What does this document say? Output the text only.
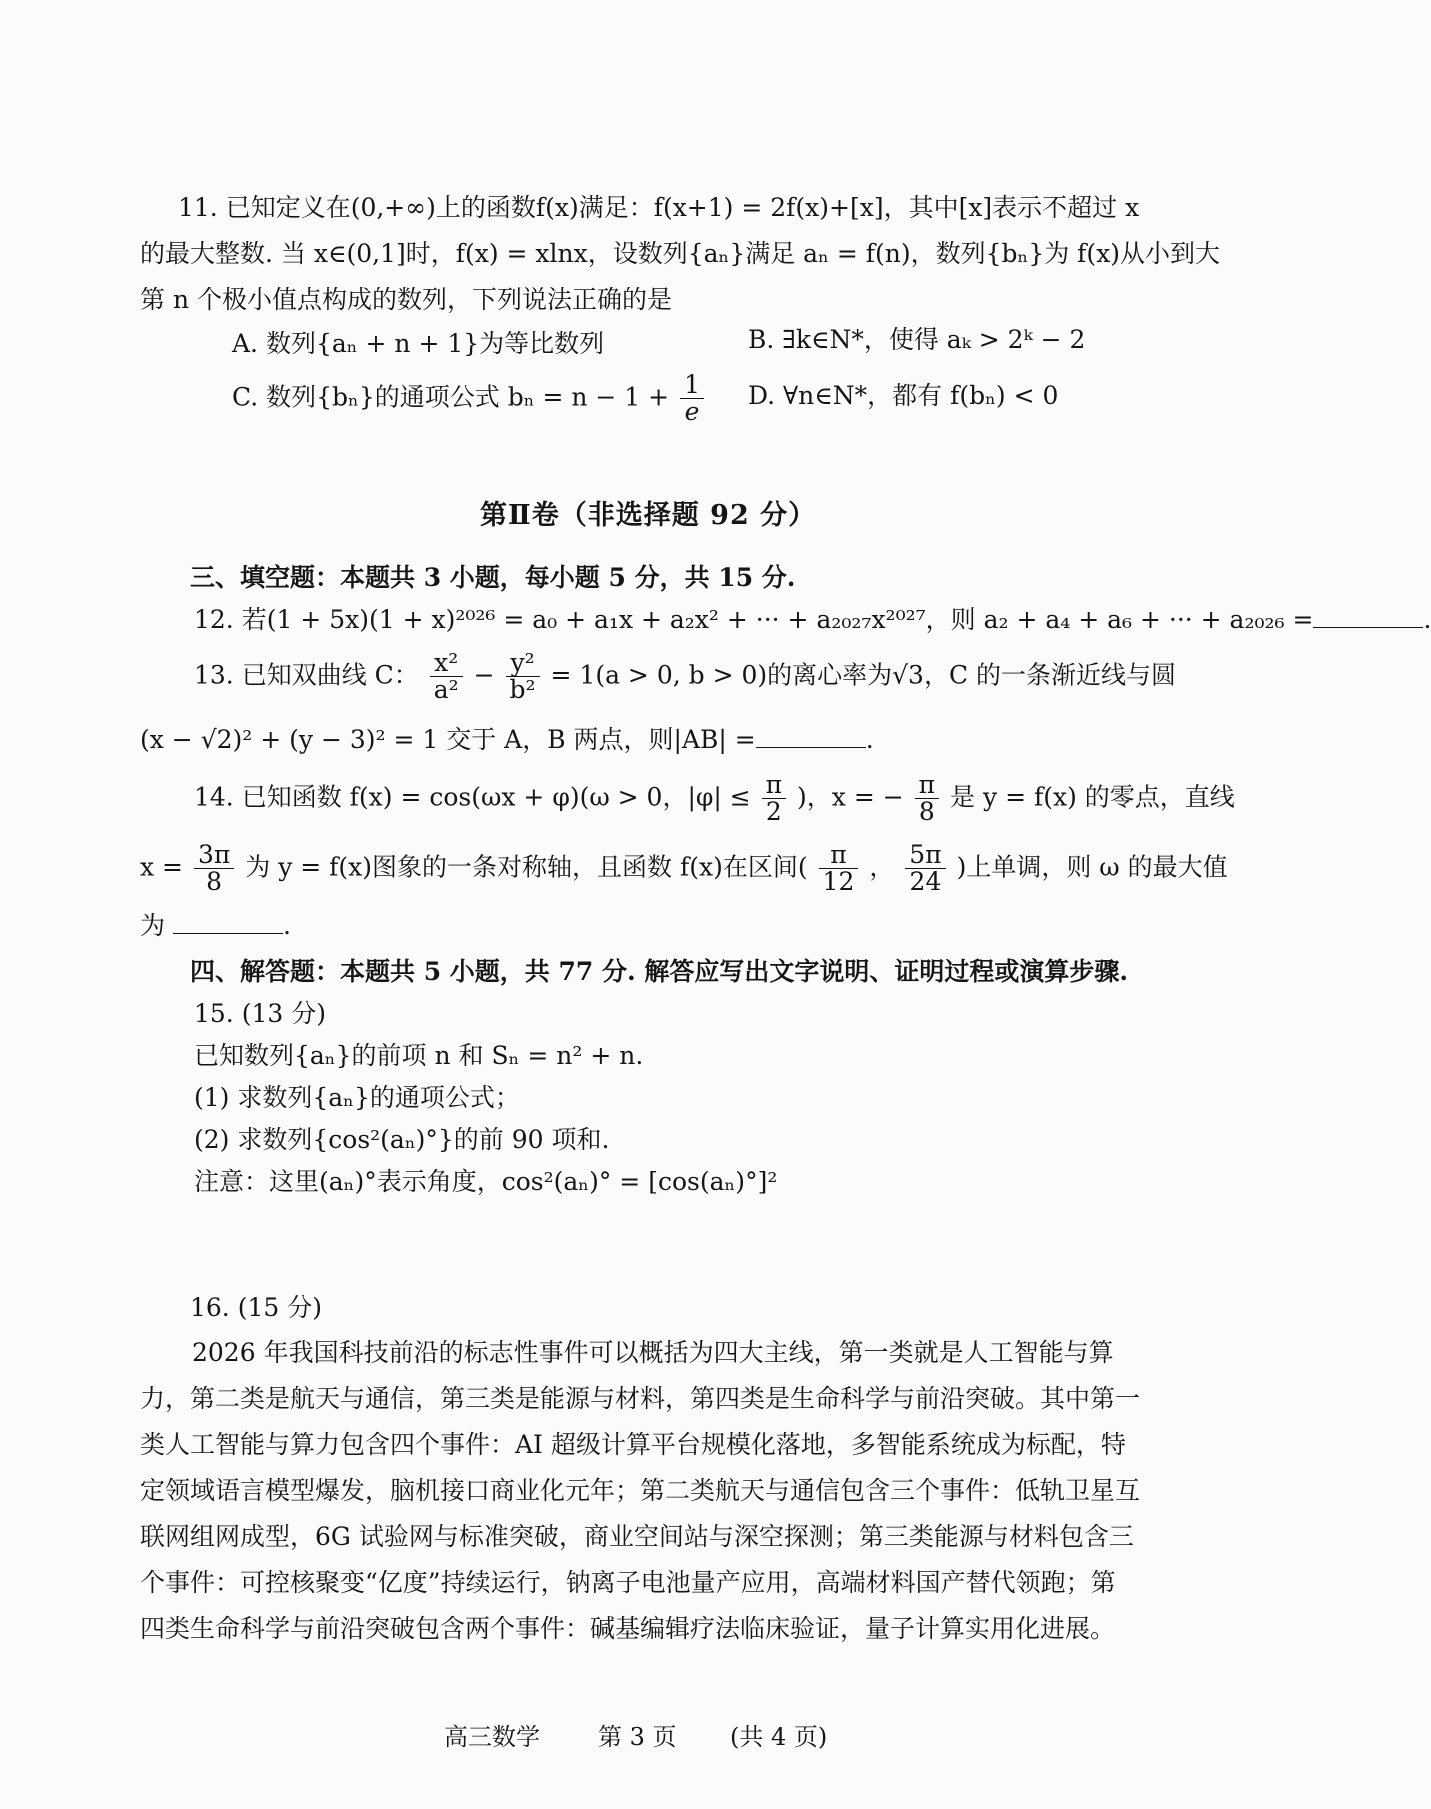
11. 已知定义在(0,+∞)上的函数f(x)满足：f(x+1) = 2f(x)+[x]，其中[x]表示不超过 x
的最大整数. 当 x∈(0,1]时，f(x) = xlnx，设数列{aₙ}满足 aₙ = f(n)，数列{bₙ}为 f(x)从小到大
第 n 个极小值点构成的数列，下列说法正确的是
A. 数列{aₙ + n + 1}为等比数列	B. ∃k∈N*，使得 aₖ > 2ᵏ − 2
C. 数列{bₙ}的通项公式 $b_n = n - 1 + \frac{1}{e} D$. ∀n∈N*，都有 f(bₙ) < 0
第Ⅱ卷（非选择题 92 分）
三、填空题：本题共 3 小题，每小题 5 分，共 15 分.
12. 若(1 + 5x)(1 + x)²⁰²⁶ = a₀ + a₁x + a₂x² + ··· + a₂₀₂₇x²⁰²⁷，则 a₂ + a₄ + a₆ + ··· + a₂₀₂₆ =	.
13. 已知双曲线 C： $\frac{\text{x²}}{\text{a²}} - \frac{\text{y²}}{\text{b²}} = 1(a > 0$, b > 0)的离心率为√3，C 的一条渐近线与圆
(x − √2)² + (y − 3)² = 1 交于 A，B 两点，则|AB| =	.
14. 已知函数 f(x) = cos(ωx + φ)(ω > 0，$|\varphi| \le \frac{\pi}{2}$ )，x = − $\frac{\pi}{8}$ 是 y = f(x) 的零点，直线
$x = \frac{3\pi}{8}$ 为 y = f(x)图象的一条对称轴，且函数 f(x)在区间( $\frac{\pi}{12}$ ， $\frac{5\pi}{24}$ )上单调，则 ω 的最大值
为	.
四、解答题：本题共 5 小题，共 77 分. 解答应写出文字说明、证明过程或演算步骤.
15. (13 分)
已知数列{aₙ}的前项 n 和 Sₙ = n² + n.
(1) 求数列{aₙ}的通项公式；
(2) 求数列{cos²(aₙ)°}的前 90 项和.
注意：这里(aₙ)°表示角度，cos²(aₙ)° = [cos(aₙ)°]²
16. (15 分)
2026 年我国科技前沿的标志性事件可以概括为四大主线，第一类就是人工智能与算力，第二类是航天与通信，第三类是能源与材料，第四类是生命科学与前沿突破。其中第一类人工智能与算力包含四个事件：AI 超级计算平台规模化落地，多智能系统成为标配，特定领域语言模型爆发，脑机接口商业化元年；第二类航天与通信包含三个事件：低轨卫星互联网组网成型，6G 试验网与标准突破，商业空间站与深空探测；第三类能源与材料包含三个事件：可控核聚变“亿度”持续运行，钠离子电池量产应用，高端材料国产替代领跑；第四类生命科学与前沿突破包含两个事件：碱基编辑疗法临床验证，量子计算实用化进展。
高三数学 第 3 页 (共 4 页)
